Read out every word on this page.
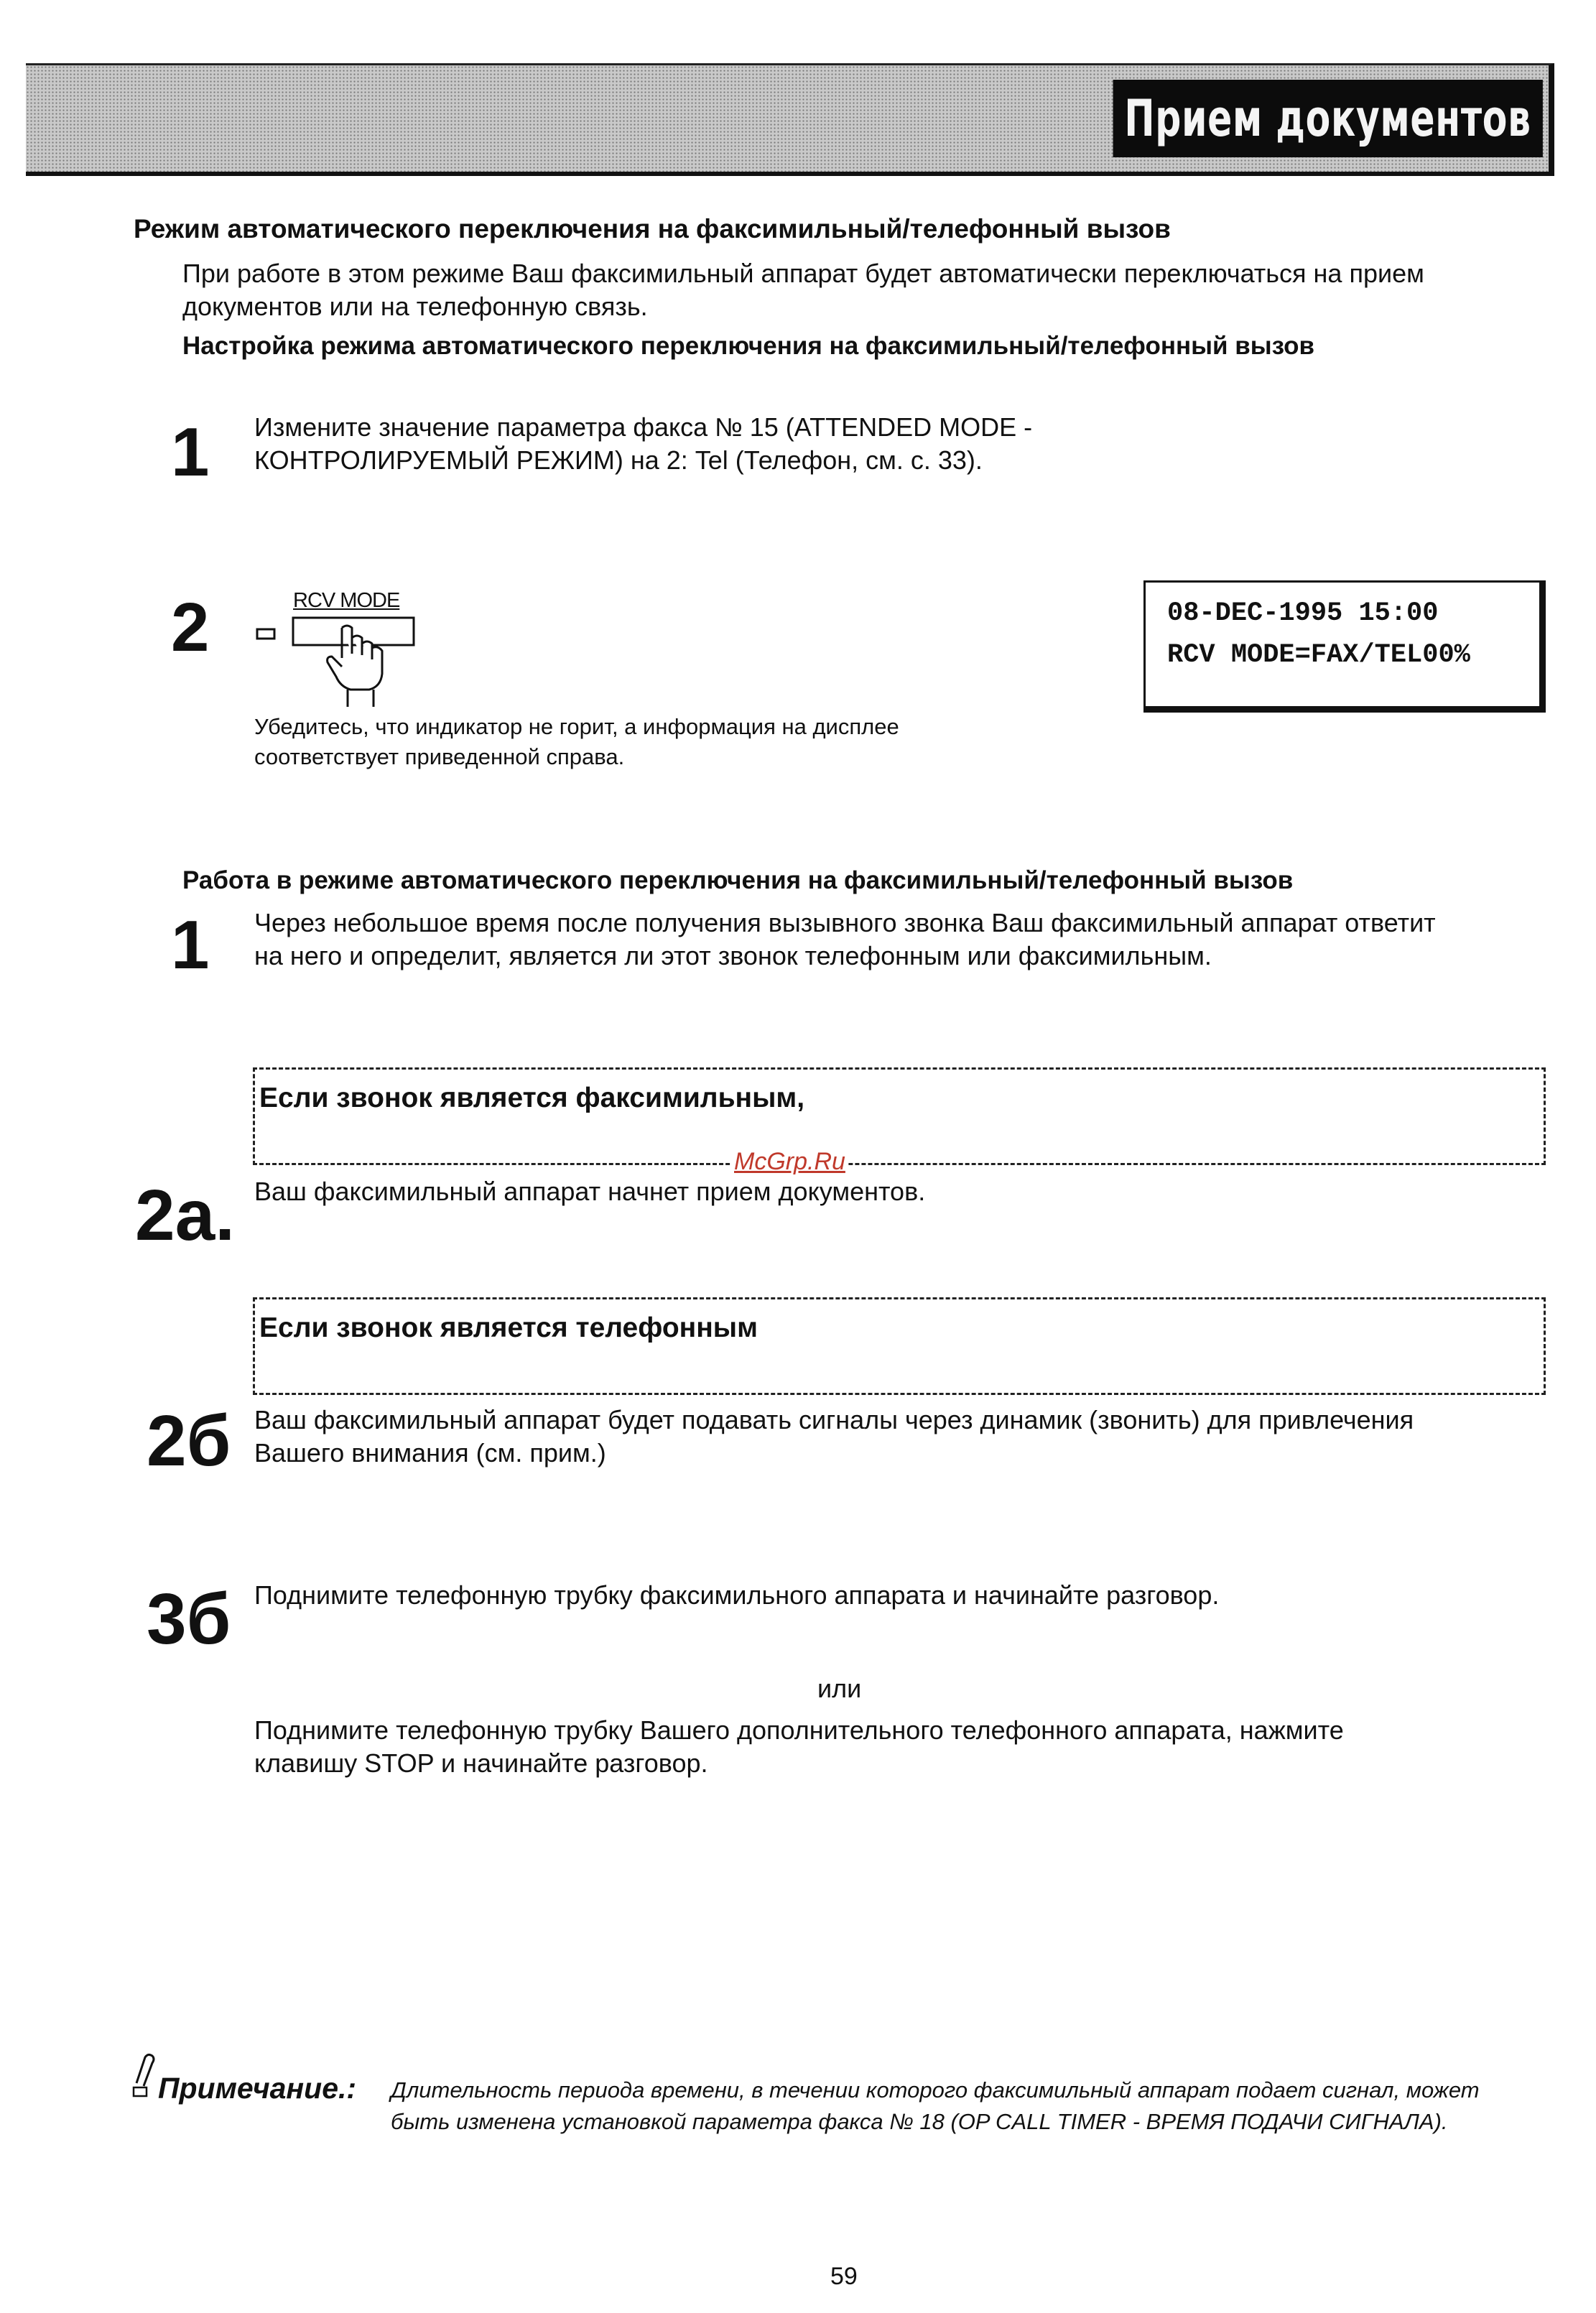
Прием документов
Режим автоматического переключения на факсимильный/телефонный вызов
При работе в этом режиме Ваш факсимильный аппарат будет автоматически переключаться на прием
документов или на телефонную связь.
Настройка режима автоматического переключения на факсимильный/телефонный вызов
1 Измените значение параметра факса № 15 (ATTENDED MODE -
КОНТРОЛИРУЕМЫЙ РЕЖИМ) на 2: Tel (Телефон, см. с. 33).
2	RCV MODE
Убедитесь, что индикатор не горит, а информация на дисплее
соответствует приведенной справа.
08-DEC-1995 15:00
RCV MODE=FAX/TEL00%
Работа в режиме автоматического переключения на факсимильный/телефонный вызов
1 Через небольшое время после получения вызывного звонка Ваш факсимильный аппарат ответит
на него и определит, является ли этот звонок телефонным или факсимильным.
Если звонок является факсимильным,
McGrp.Ru
2a. Ваш факсимильный аппарат начнет прием документов.
Если звонок является телефонным
2б Ваш факсимильный аппарат будет подавать сигналы через динамик (звонить) для привлечения
Вашего внимания (см. прим.)
3б Поднимите телефонную трубку факсимильного аппарата и начинайте разговор.
или
Поднимите телефонную трубку Вашего дополнительного телефонного аппарата, нажмите
клавишу STOP и начинайте разговор.
Примечание.: Длительность периода времени, в течении которого факсимильный аппарат подает сигнал, может
быть изменена установкой параметра факса № 18 (OP CALL TIMER - ВРЕМЯ ПОДАЧИ СИГНАЛА).
59
